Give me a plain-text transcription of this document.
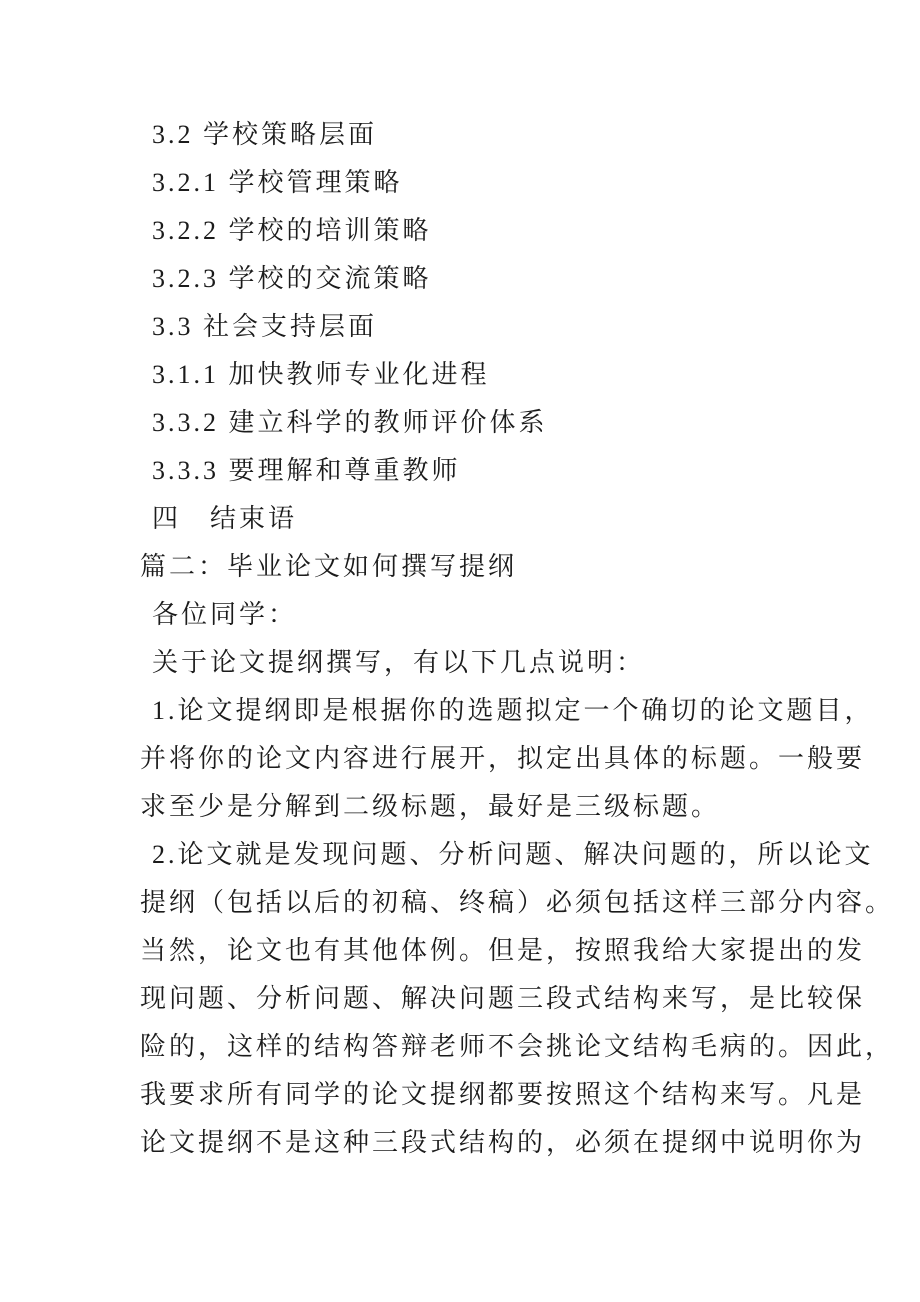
3.2 学校策略层面
3.2.1 学校管理策略
3.2.2 学校的培训策略
3.2.3 学校的交流策略
3.3 社会支持层面
3.1.1 加快教师专业化进程
3.3.2 建立科学的教师评价体系
3.3.3 要理解和尊重教师
四　结束语
篇二：毕业论文如何撰写提纲
各位同学：
关于论文提纲撰写，有以下几点说明：
1.论文提纲即是根据你的选题拟定一个确切的论文题目，
并将你的论文内容进行展开，拟定出具体的标题。一般要
求至少是分解到二级标题，最好是三级标题。
2.论文就是发现问题、分析问题、解决问题的，所以论文
提纲（包括以后的初稿、终稿）必须包括这样三部分内容。
当然，论文也有其他体例。但是，按照我给大家提出的发
现问题、分析问题、解决问题三段式结构来写，是比较保
险的，这样的结构答辩老师不会挑论文结构毛病的。因此，
我要求所有同学的论文提纲都要按照这个结构来写。凡是
论文提纲不是这种三段式结构的，必须在提纲中说明你为
